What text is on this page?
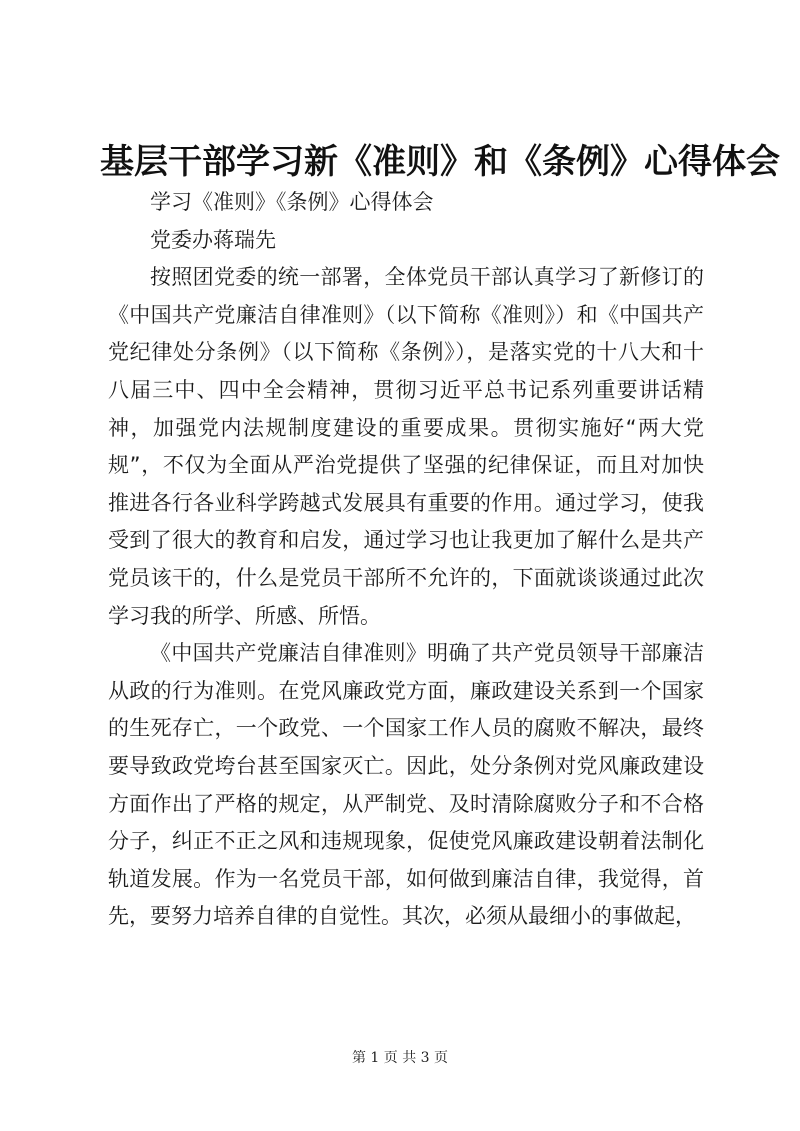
基层干部学习新《准则》和《条例》心得体会

学习《准则》《条例》心得体会

党委办蒋瑞先

按照团党委的统一部署，全体党员干部认真学习了新修订的《中国共产党廉洁自律准则》（以下简称《准则》）和《中国共产党纪律处分条例》（以下简称《条例》），是落实党的十八大和十八届三中、四中全会精神，贯彻习近平总书记系列重要讲话精神，加强党内法规制度建设的重要成果。贯彻实施好“两大党规”，不仅为全面从严治党提供了坚强的纪律保证，而且对加快推进各行各业科学跨越式发展具有重要的作用。通过学习，使我受到了很大的教育和启发，通过学习也让我更加了解什么是共产党员该干的，什么是党员干部所不允许的，下面就谈谈通过此次学习我的所学、所感、所悟。

《中国共产党廉洁自律准则》明确了共产党员领导干部廉洁从政的行为准则。在党风廉政党方面，廉政建设关系到一个国家的生死存亡，一个政党、一个国家工作人员的腐败不解决，最终要导致政党垮台甚至国家灭亡。因此，处分条例对党风廉政建设方面作出了严格的规定，从严制党、及时清除腐败分子和不合格分子，纠正不正之风和违规现象，促使党风廉政建设朝着法制化轨道发展。作为一名党员干部，如何做到廉洁自律，我觉得，首先，要努力培养自律的自觉性。其次，必须从最细小的事做起，

第 1 页 共 3 页
